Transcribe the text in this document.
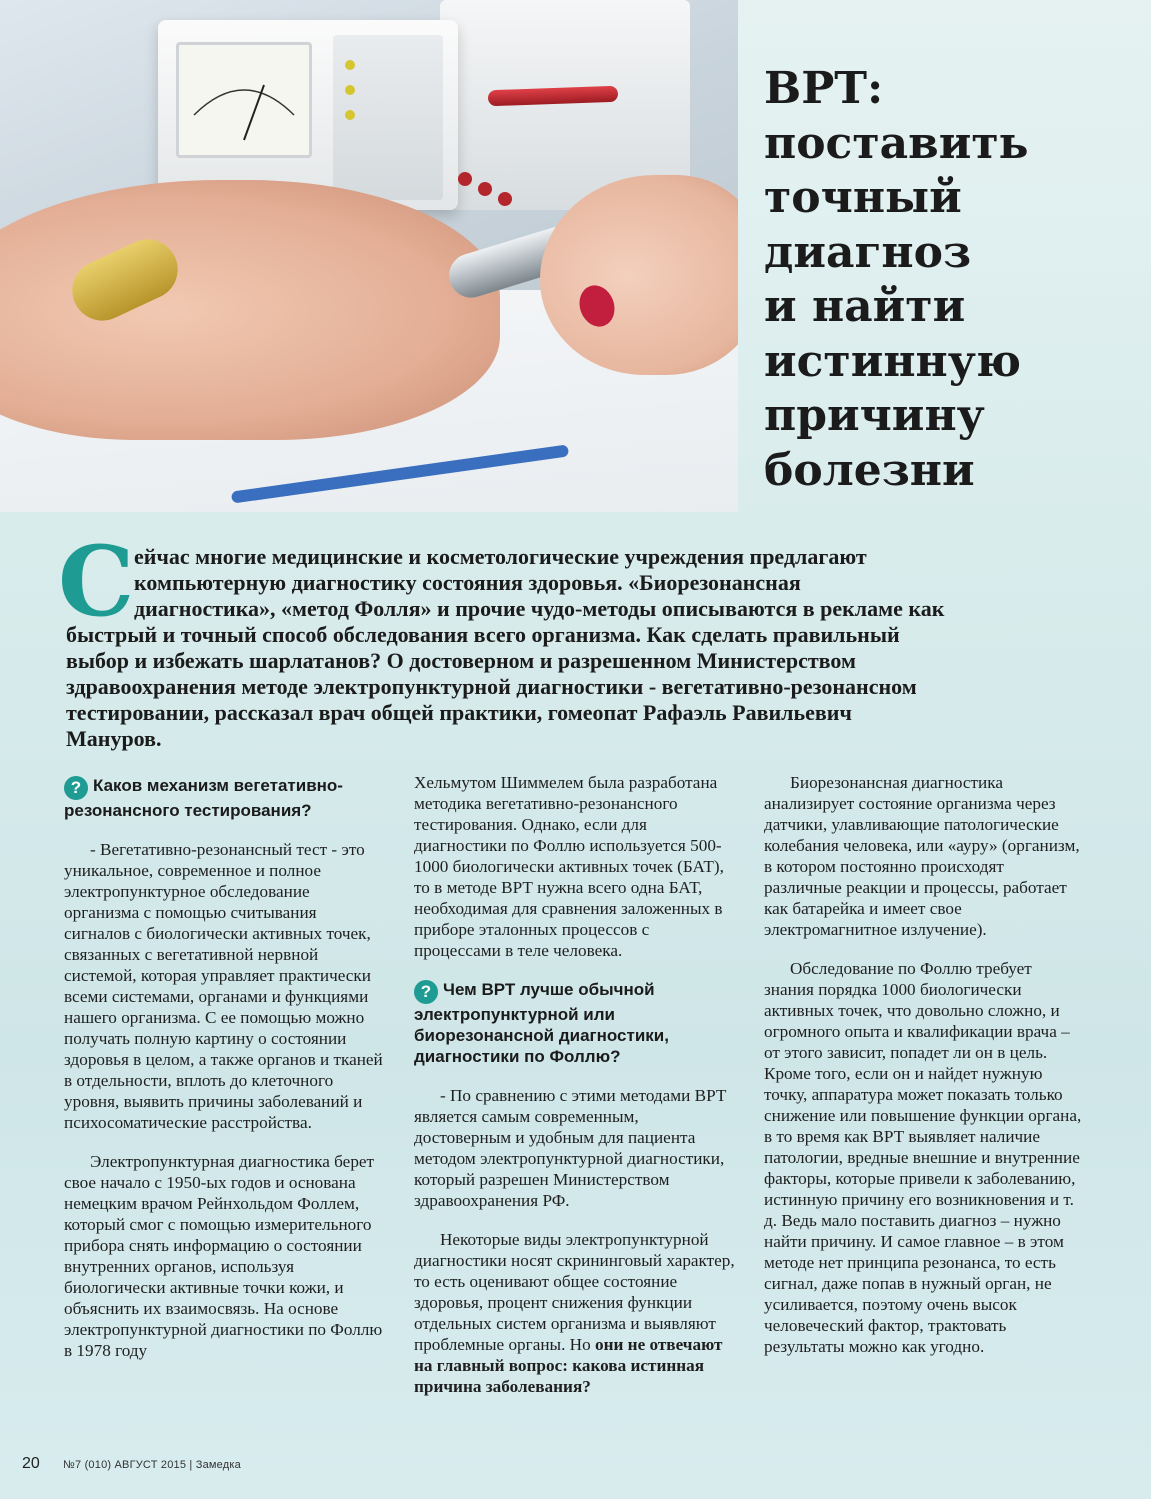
ВРТ:
поставить
точный
диагноз
и найти
истинную
причину
болезни
С ейчас многие медицинские и косметологические учреждения предлагают

компьютерную диагностику состояния здоровья. «Биорезонансная

диагностика», «метод Фолля» и прочие чудо-методы описываются в рекламе как

быстрый и точный способ обследования всего организма. Как сделать правильный

выбор и избежать шарлатанов? О достоверном и разрешенном Министерством

здравоохранения методе электропунктурной диагностики - вегетативно-резонансном

тестировании, рассказал врач общей практики, гомеопат Рафаэль Равильевич

Мануров.

? Каков механизм вегетативно-резонансного тестирования?

- Вегетативно-резонансный тест - это уникальное, современное и полное электропунктурное обследование организма с помощью считывания сигналов с биологически активных точек, связанных с вегетативной нервной системой, которая управляет практически всеми системами, органами и функциями нашего организма. С ее помощью можно получать полную картину о состоянии здоровья в целом, а также органов и тканей в отдельности, вплоть до клеточного уровня, выявить причины заболеваний и психосоматические расстройства.

Электропунктурная диагностика берет свое начало с 1950-ых годов и основана немецким врачом Рейнхольдом Фоллем, который смог с помощью измерительного прибора снять информацию о состоянии внутренних органов, используя биологически активные точки кожи, и объяснить их взаимосвязь. На основе электропунктурной диагностики по Фоллю в 1978 году

Хельмутом Шиммелем была разработана методика вегетативно-резонансного тестирования. Однако, если для диагностики по Фоллю используется 500-1000 биологически активных точек (БАТ), то в методе ВРТ нужна всего одна БАТ, необходимая для сравнения заложенных в приборе эталонных процессов с процессами в теле человека.

? Чем ВРТ лучше обычной электропунктурной или биорезонансной диагностики, диагностики по Фоллю?

- По сравнению с этими методами ВРТ является самым современным, достоверным и удобным для пациента методом электропунктурной диагностики, который разрешен Министерством здравоохранения РФ.

Некоторые виды электропунктурной диагностики носят скрининговый характер, то есть оценивают общее состояние здоровья, процент снижения функции отдельных систем организма и выявляют проблемные органы. Но они не отвечают на главный вопрос: какова истинная причина заболевания?

Биорезонансная диагностика анализирует состояние организма через датчики, улавливающие патологические колебания человека, или «ауру» (организм, в котором постоянно происходят различные реакции и процессы, работает как батарейка и имеет свое электромагнитное излучение).

Обследование по Фоллю требует знания порядка 1000 биологически активных точек, что довольно сложно, и огромного опыта и квалификации врача – от этого зависит, попадет ли он в цель. Кроме того, если он и найдет нужную точку, аппаратура может показать только снижение или повышение функции органа, в то время как ВРТ выявляет наличие патологии, вредные внешние и внутренние факторы, которые привели к заболеванию, истинную причину его возникновения и т. д. Ведь мало поставить диагноз – нужно найти причину. И самое главное – в этом методе нет принципа резонанса, то есть сигнал, даже попав в нужный орган, не усиливается, поэтому очень высок человеческий фактор, трактовать результаты можно как угодно.

20 №7 (010) АВГУСТ 2015 | Замедка
